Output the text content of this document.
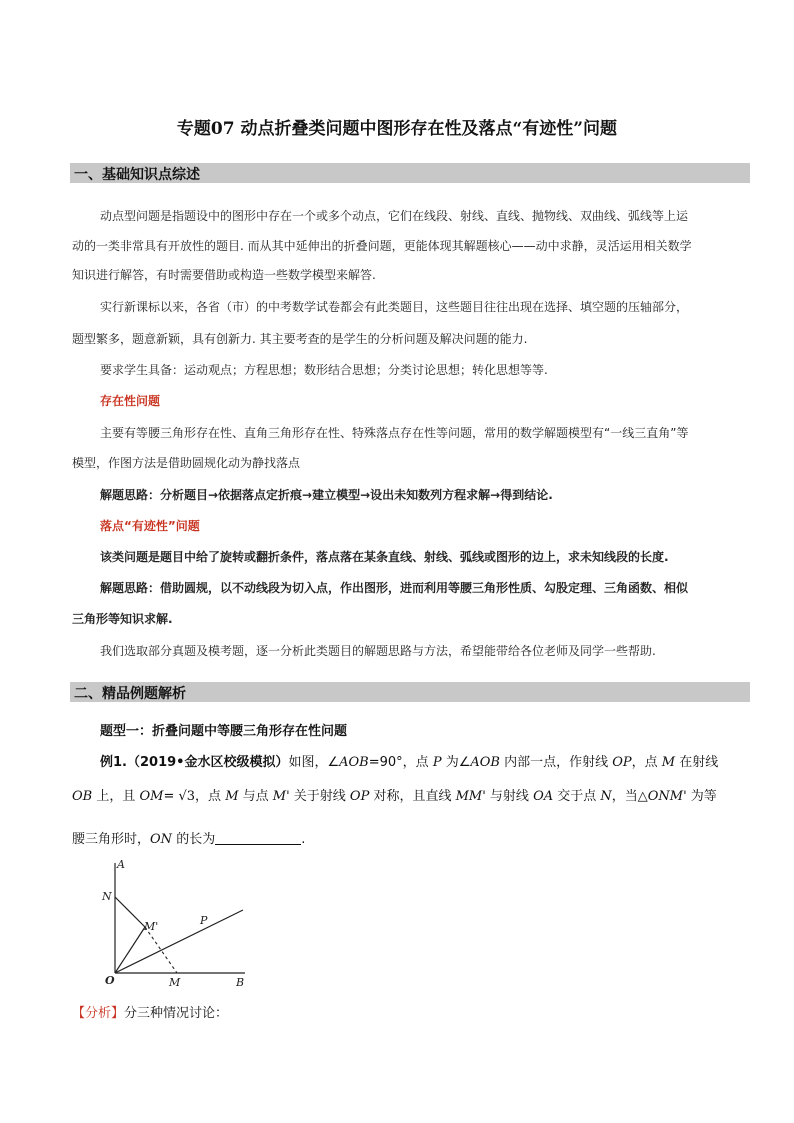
专题07 动点折叠类问题中图形存在性及落点“有迹性”问题
一、基础知识点综述
动点型问题是指题设中的图形中存在一个或多个动点，它们在线段、射线、直线、抛物线、双曲线、弧线等上运
动的一类非常具有开放性的题目. 而从其中延伸出的折叠问题，更能体现其解题核心——动中求静，灵活运用相关数学
知识进行解答，有时需要借助或构造一些数学模型来解答.
实行新课标以来，各省（市）的中考数学试卷都会有此类题目，这些题目往往出现在选择、填空题的压轴部分，
题型繁多，题意新颖，具有创新力. 其主要考查的是学生的分析问题及解决问题的能力.
要求学生具备：运动观点；方程思想；数形结合思想；分类讨论思想；转化思想等等.
存在性问题
主要有等腰三角形存在性、直角三角形存在性、特殊落点存在性等问题，常用的数学解题模型有“一线三直角”等
模型，作图方法是借助圆规化动为静找落点
解题思路：分析题目→依据落点定折痕→建立模型→设出未知数列方程求解→得到结论.
落点“有迹性”问题
该类问题是题目中给了旋转或翻折条件，落点落在某条直线、射线、弧线或图形的边上，求未知线段的长度.
解题思路：借助圆规，以不动线段为切入点，作出图形，进而利用等腰三角形性质、勾股定理、三角函数、相似
三角形等知识求解.
我们选取部分真题及模考题，逐一分析此类题目的解题思路与方法，希望能带给各位老师及同学一些帮助.
二、精品例题解析
题型一：折叠问题中等腰三角形存在性问题
例1.（2019•金水区校级模拟）如图，∠AOB=90°，点 P 为∠AOB 内部一点，作射线 OP，点 M 在射线
OB 上，且 OM= √3，点 M 与点 M' 关于射线 OP 对称，且直线 MM' 与射线 OA 交于点 N，当△ONM' 为等
腰三角形时，ON 的长为	.
A
N
M'	P
O	M	B
【分析】分三种情况讨论：
